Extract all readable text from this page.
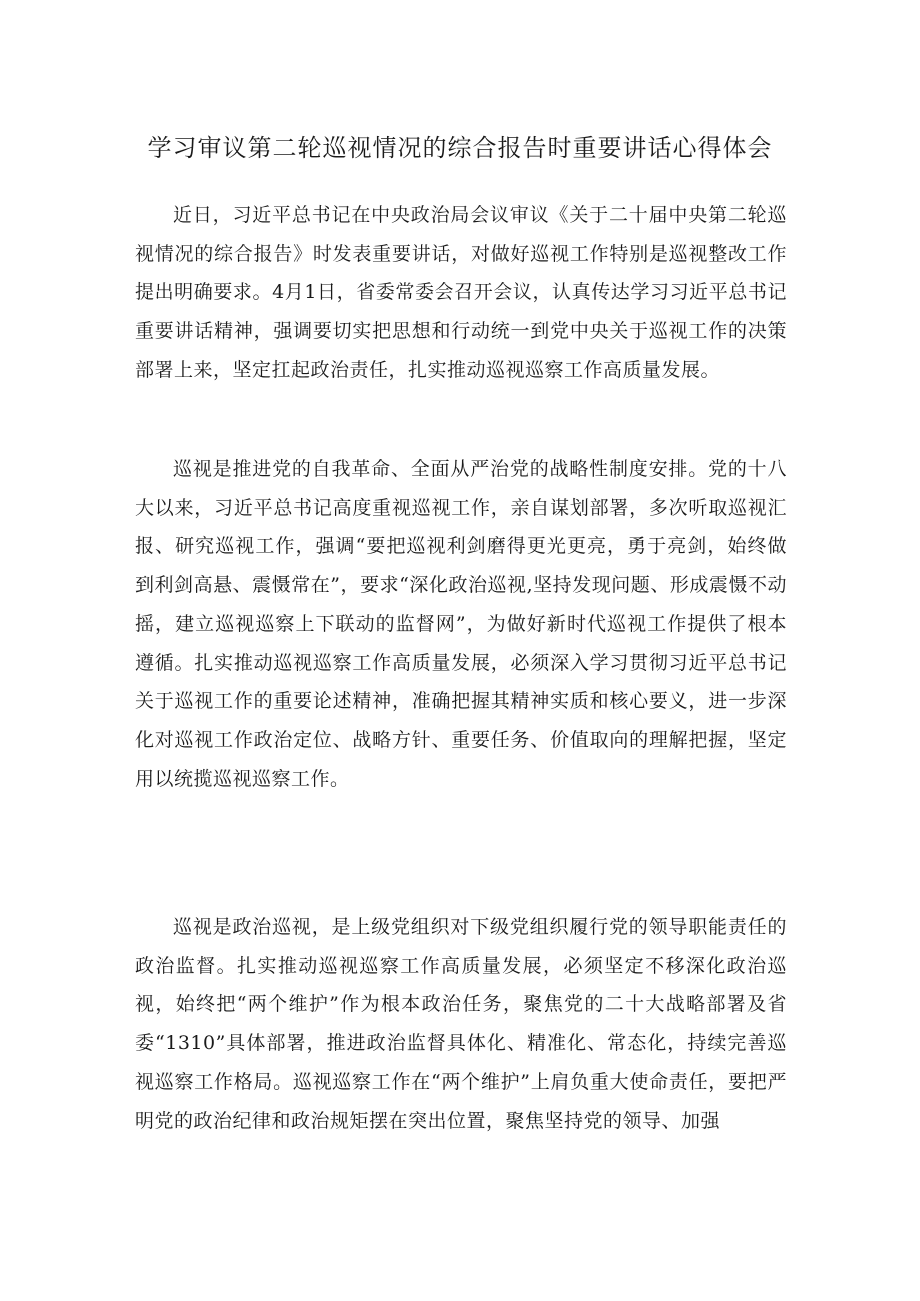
学习审议第二轮巡视情况的综合报告时重要讲话心得体会

近日，习近平总书记在中央政治局会议审议《关于二十届中央第二轮巡视情况的综合报告》时发表重要讲话，对做好巡视工作特别是巡视整改工作提出明确要求。4月1日，省委常委会召开会议，认真传达学习习近平总书记重要讲话精神，强调要切实把思想和行动统一到党中央关于巡视工作的决策部署上来，坚定扛起政治责任，扎实推动巡视巡察工作高质量发展。

巡视是推进党的自我革命、全面从严治党的战略性制度安排。党的十八大以来，习近平总书记高度重视巡视工作，亲自谋划部署，多次听取巡视汇报、研究巡视工作，强调“要把巡视利剑磨得更光更亮，勇于亮剑，始终做到利剑高悬、震慑常在”，要求“深化政治巡视,坚持发现问题、形成震慑不动摇，建立巡视巡察上下联动的监督网”，为做好新时代巡视工作提供了根本遵循。扎实推动巡视巡察工作高质量发展，必须深入学习贯彻习近平总书记关于巡视工作的重要论述精神，准确把握其精神实质和核心要义，进一步深化对巡视工作政治定位、战略方针、重要任务、价值取向的理解把握，坚定用以统揽巡视巡察工作。

巡视是政治巡视，是上级党组织对下级党组织履行党的领导职能责任的政治监督。扎实推动巡视巡察工作高质量发展，必须坚定不移深化政治巡视，始终把“两个维护”作为根本政治任务，聚焦党的二十大战略部署及省委“1310”具体部署，推进政治监督具体化、精准化、常态化，持续完善巡视巡察工作格局。巡视巡察工作在“两个维护”上肩负重大使命责任，要把严明党的政治纪律和政治规矩摆在突出位置，聚焦坚持党的领导、加强
